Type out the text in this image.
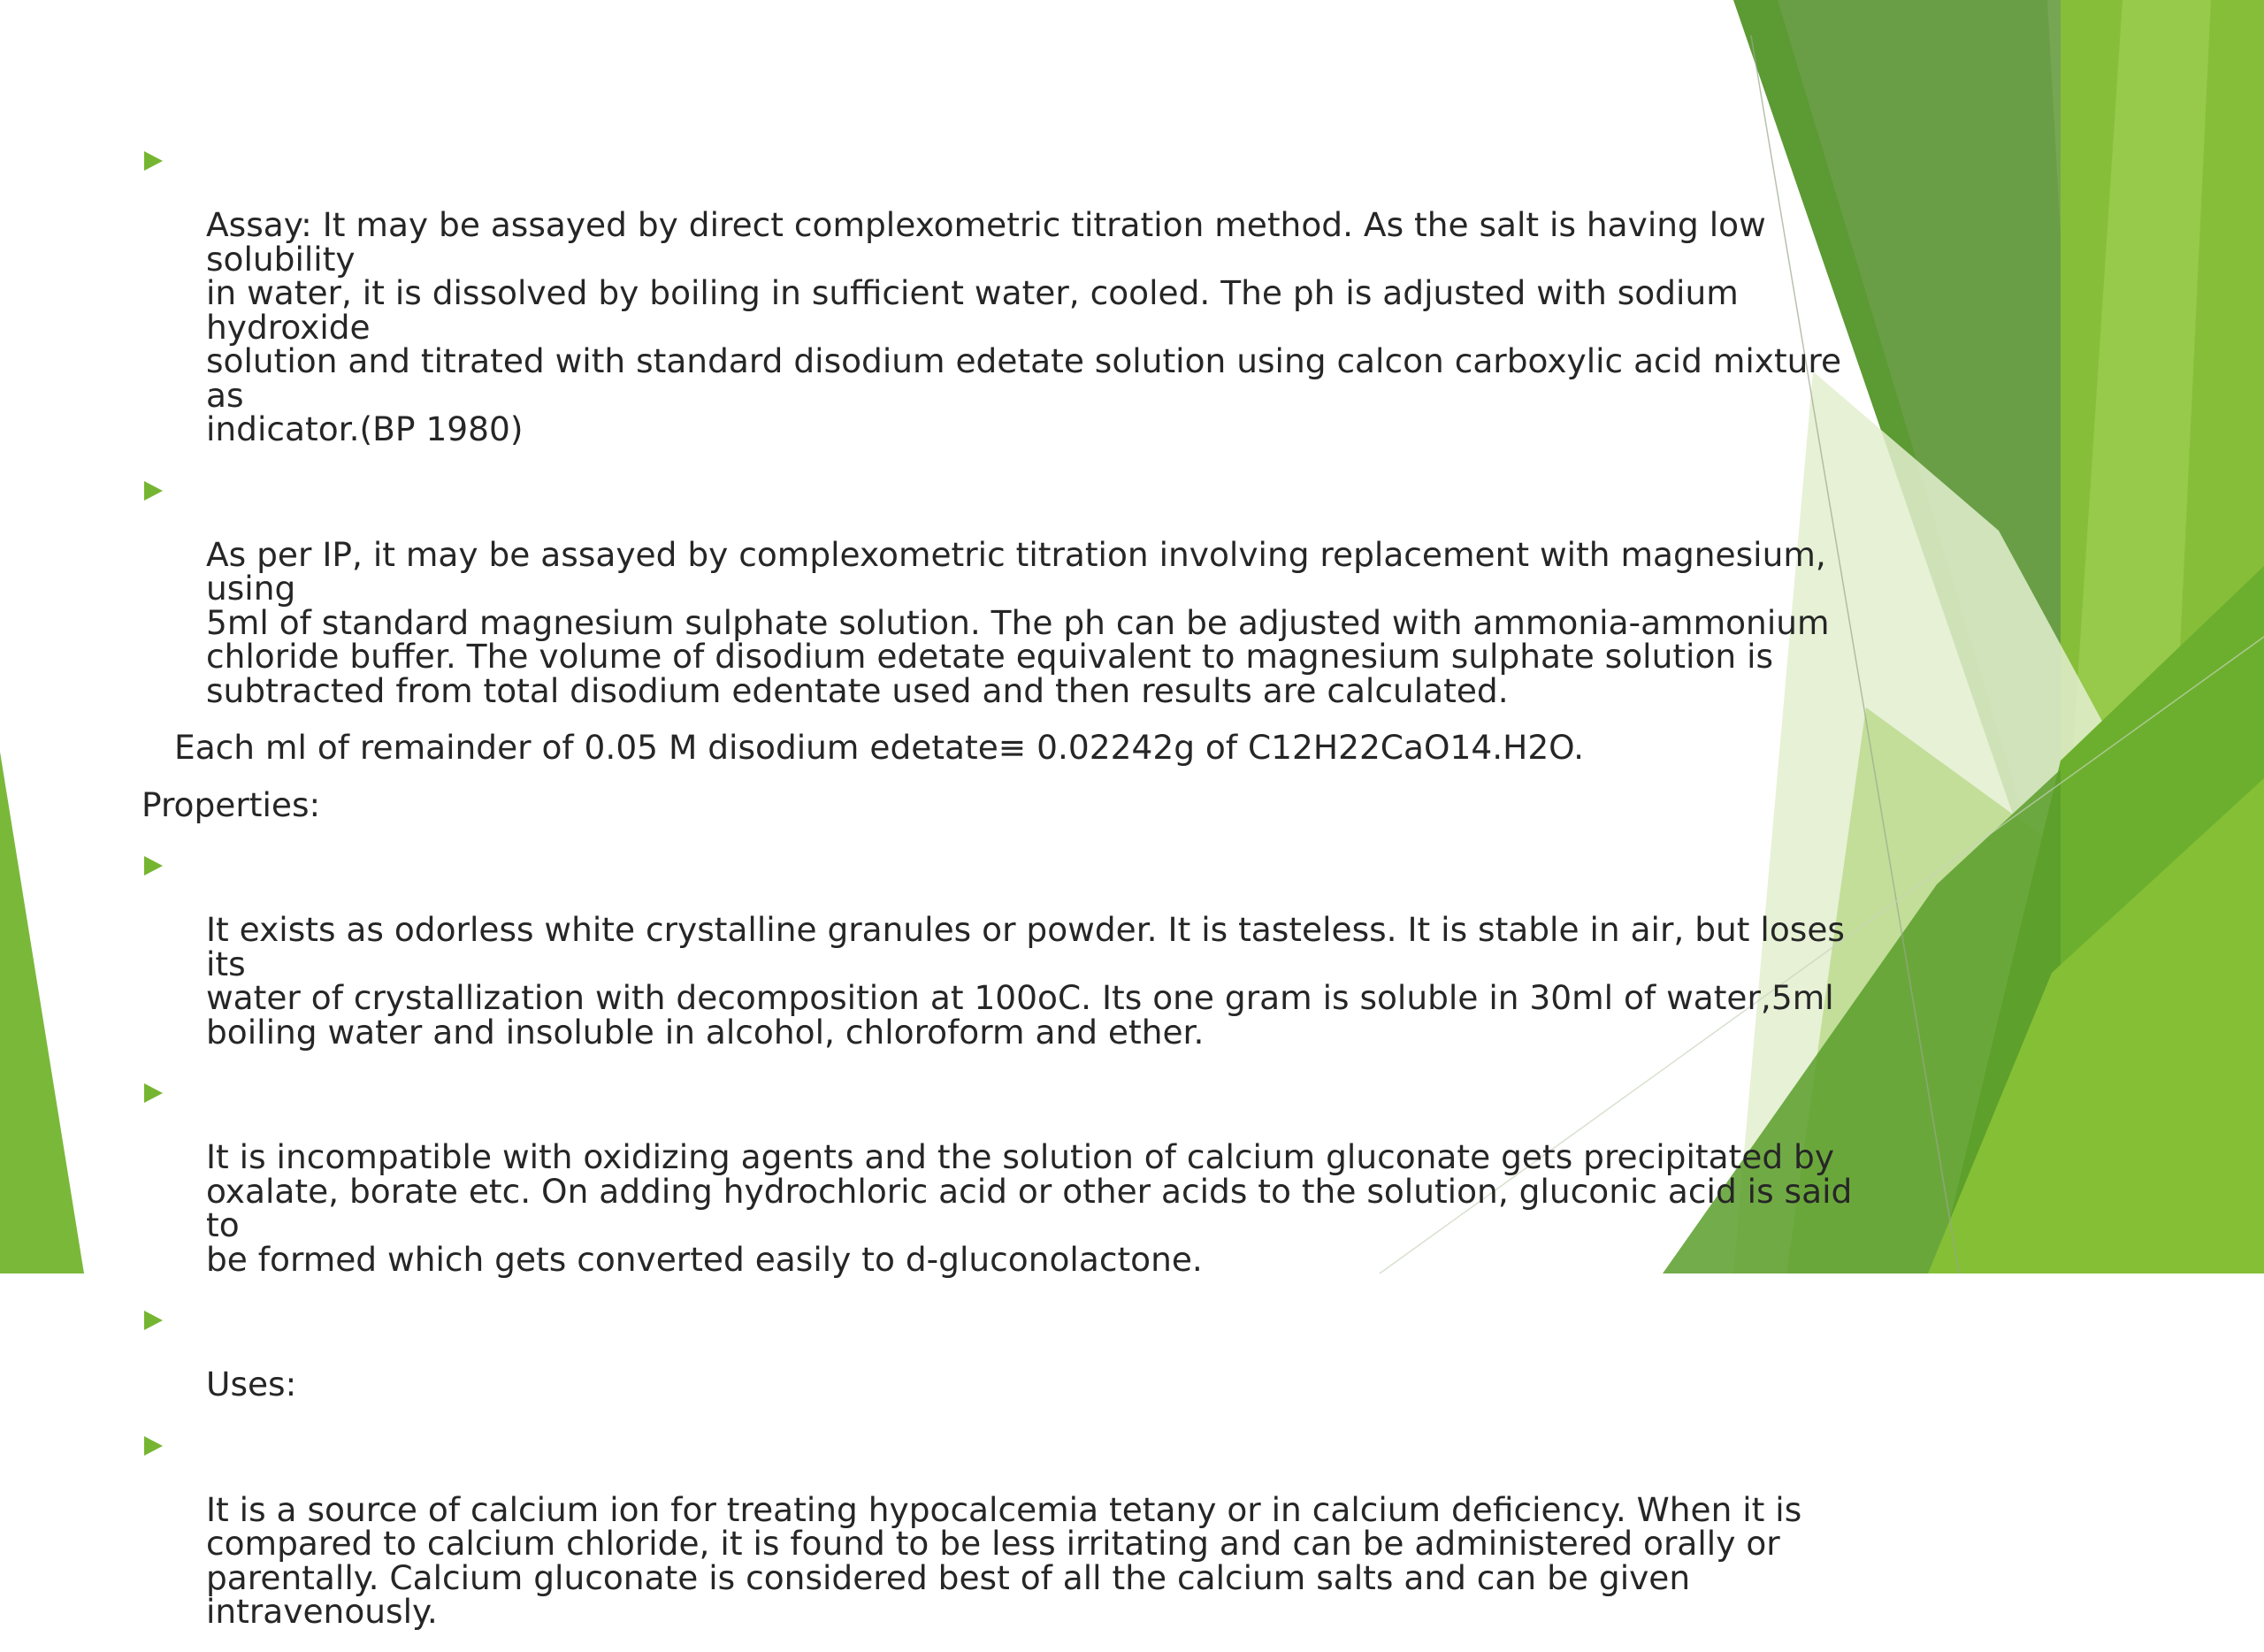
Assay: It may be assayed by direct complexometric titration method. As the salt is having low solubility
in water, it is dissolved by boiling in sufficient water, cooled. The ph is adjusted with sodium hydroxide
solution and titrated with standard disodium edetate solution using calcon carboxylic acid mixture as
indicator.(BP 1980)

As per IP, it may be assayed by complexometric titration involving replacement with magnesium, using
5ml of standard magnesium sulphate solution. The ph can be adjusted with ammonia-ammonium
chloride buffer. The volume of disodium edetate equivalent to magnesium sulphate solution is
subtracted from total disodium edentate used and then results are calculated.

Each ml of remainder of 0.05 M disodium edetate≡ 0.02242g of C12H22CaO14.H2O.
Properties:

It exists as odorless white crystalline granules or powder. It is tasteless. It is stable in air, but loses its
water of crystallization with decomposition at 100oC. Its one gram is soluble in 30ml of water,5ml
boiling water and insoluble in alcohol, chloroform and ether.

It is incompatible with oxidizing agents and the solution of calcium gluconate gets precipitated by
oxalate, borate etc. On adding hydrochloric acid or other acids to the solution, gluconic acid is said to
be formed which gets converted easily to d-gluconolactone.

Uses:

It is a source of calcium ion for treating hypocalcemia tetany or in calcium deficiency. When it is
compared to calcium chloride, it is found to be less irritating and can be administered orally or
parentally. Calcium gluconate is considered best of all the calcium salts and can be given
intravenously.
